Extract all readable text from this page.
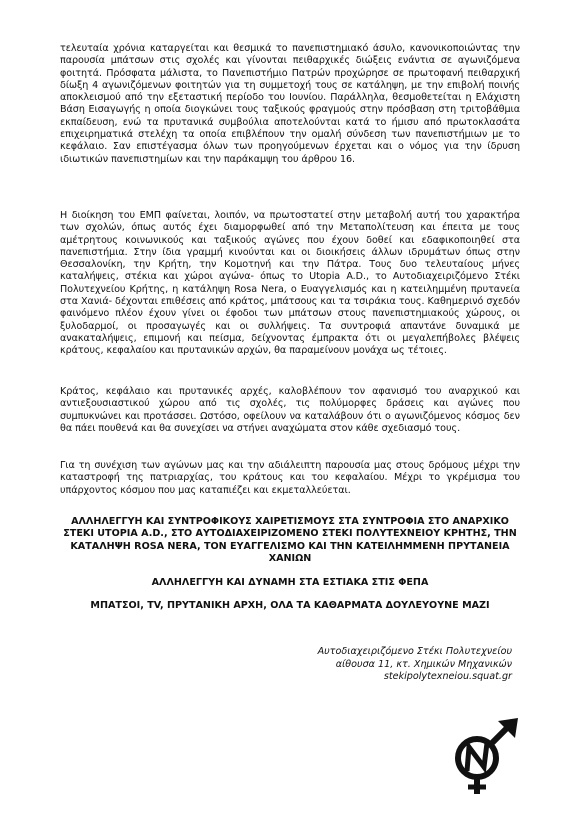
τελευταία χρόνια καταργείται και θεσμικά το πανεπιστημιακό άσυλο, κανονικοποιώντας την παρουσία μπάτσων στις σχολές και γίνονται πειθαρχικές διώξεις ενάντια σε αγωνιζόμενα φοιτητά. Πρόσφατα μάλιστα, το Πανεπιστήμιο Πατρών προχώρησε σε πρωτοφανή πειθαρχική δίωξη 4 αγωνιζόμενων φοιτητών για τη συμμετοχή τους σε κατάληψη, με την επιβολή ποινής αποκλεισμού από την εξεταστική περίοδο του Ιουνίου. Παράλληλα, θεσμοθετείται η Ελάχιστη Βάση Εισαγωγής η οποία διογκώνει τους ταξικούς φραγμούς στην πρόσβαση στη τριτοβάθμια εκπαίδευση, ενώ τα πρυτανικά συμβούλια αποτελούνται κατά το ήμισυ από πρωτοκλασάτα επιχειρηματικά στελέχη τα οποία επιβλέπουν την ομαλή σύνδεση των πανεπιστήμιων με το κεφάλαιο. Σαν επιστέγασμα όλων των προηγούμενων έρχεται και ο νόμος για την ίδρυση ιδιωτικών πανεπιστημίων και την παράκαμψη του άρθρου 16.

Η διοίκηση του ΕΜΠ φαίνεται, λοιπόν, να πρωτοστατεί στην μεταβολή αυτή του χαρακτήρα των σχολών, όπως αυτός έχει διαμορφωθεί από την Μεταπολίτευση και έπειτα με τους αμέτρητους κοινωνικούς και ταξικούς αγώνες που έχουν δοθεί και εδαφικοποιηθεί στα πανεπιστήμια. Στην ίδια γραμμή κινούνται και οι διοικήσεις άλλων ιδρυμάτων όπως στην Θεσσαλονίκη, την Κρήτη, την Κομοτηνή και την Πάτρα. Τους δυο τελευταίους μήνες καταλήψεις, στέκια και χώροι αγώνα- όπως το Utopia A.D., το Αυτοδιαχειριζόμενο Στέκι Πολυτεχνείου Κρήτης, η κατάληψη Rosa Nera, ο Ευαγγελισμός και η κατειλημμένη πρυτανεία στα Χανιά- δέχονται επιθέσεις από κράτος, μπάτσους και τα τσιράκια τους. Καθημερινό σχεδόν φαινόμενο πλέον έχουν γίνει οι έφοδοι των μπάτσων στους πανεπιστημιακούς χώρους, οι ξυλοδαρμοί, οι προσαγωγές και οι συλλήψεις. Τα συντροφιά απαντάνε δυναμικά με ανακαταλήψεις, επιμονή και πείσμα, δείχνοντας έμπρακτα ότι οι μεγαλεπήβολες βλέψεις κράτους, κεφαλαίου και πρυτανικών αρχών, θα παραμείνουν μονάχα ως τέτοιες.

Κράτος, κεφάλαιο και πρυτανικές αρχές, καλοβλέπουν τον αφανισμό του αναρχικού και αντιεξουσιαστικού χώρου από τις σχολές, τις πολύμορφες δράσεις και αγώνες που συμπυκνώνει και προτάσσει. Ωστόσο, οφείλουν να καταλάβουν ότι ο αγωνιζόμενος κόσμος δεν θα πάει πουθενά και θα συνεχίσει να στήνει αναχώματα στον κάθε σχεδιασμό τους.

Για τη συνέχιση των αγώνων μας και την αδιάλειπτη παρουσία μας στους δρόμους μέχρι την καταστροφή της πατριαρχίας, του κράτους και του κεφαλαίου. Μέχρι το γκρέμισμα του υπάρχοντος κόσμου που μας καταπιέζει και εκμεταλλεύεται.

ΑΛΛΗΛΕΓΓΥΗ ΚΑΙ ΣΥΝΤΡΟΦΙΚΟΥΣ ΧΑΙΡΕΤΙΣΜΟΥΣ ΣΤΑ ΣΥΝΤΡΟΦΙΑ ΣΤΟ ΑΝΑΡΧΙΚΟ ΣΤΕΚΙ UTOPIA A.D., ΣΤΟ ΑΥΤΟΔΙΑΧΕΙΡΙΖΟΜΕΝΟ ΣΤΕΚΙ ΠΟΛΥΤΕΧΝΕΙΟΥ ΚΡΗΤΗΣ, ΤΗΝ ΚΑΤΑΛΗΨΗ ROSA NERA, ΤΟΝ ΕΥΑΓΓΕΛΙΣΜΟ ΚΑΙ ΤΗΝ ΚΑΤΕΙΛΗΜΜΕΝΗ ΠΡΥΤΑΝΕΙΑ ΧΑΝΙΩΝ

ΑΛΛΗΛΕΓΓΥΗ ΚΑΙ ΔΥΝΑΜΗ ΣΤΑ ΕΣΤΙΑΚΑ ΣΤΙΣ ΦΕΠΑ

ΜΠΑΤΣΟΙ, TV, ΠΡΥΤΑΝΙΚΗ ΑΡΧΗ, ΟΛΑ ΤΑ ΚΑΘΑΡΜΑΤΑ ΔΟΥΛΕΥΟΥΝΕ ΜΑΖΙ

Αυτοδιαχειριζόμενο Στέκι Πολυτεχνείου
αίθουσα 11, κτ. Χημικών Μηχανικών
stekipolytexneiou.squat.gr
